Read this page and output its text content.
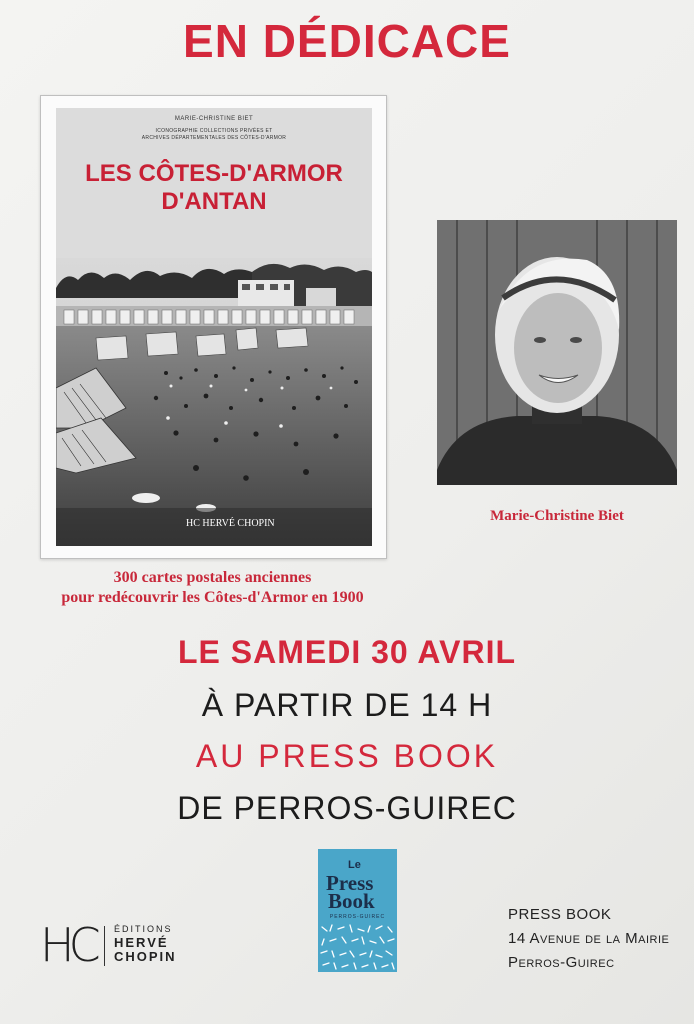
EN DÉDICACE
MARIE-CHRISTINE BIET
ICONOGRAPHIE COLLECTIONS PRIVÉES ET
ARCHIVES DÉPARTEMENTALES DES CÔTES-D'ARMOR
LES CÔTES-D'ARMOR
D'ANTAN
HC HERVÉ CHOPIN
300 cartes postales anciennes
pour redécouvrir les Côtes-d'Armor en 1900
Marie-Christine Biet
LE SAMEDI 30 AVRIL
À PARTIR DE 14 H
AU PRESS BOOK
DE PERROS-GUIREC
HC ÉDITIONS
HERVÉ
CHOPIN
Le
Press
Book
PERROS-GUIREC	PRESS BOOK
14 Avenue de la Mairie
Perros-Guirec
